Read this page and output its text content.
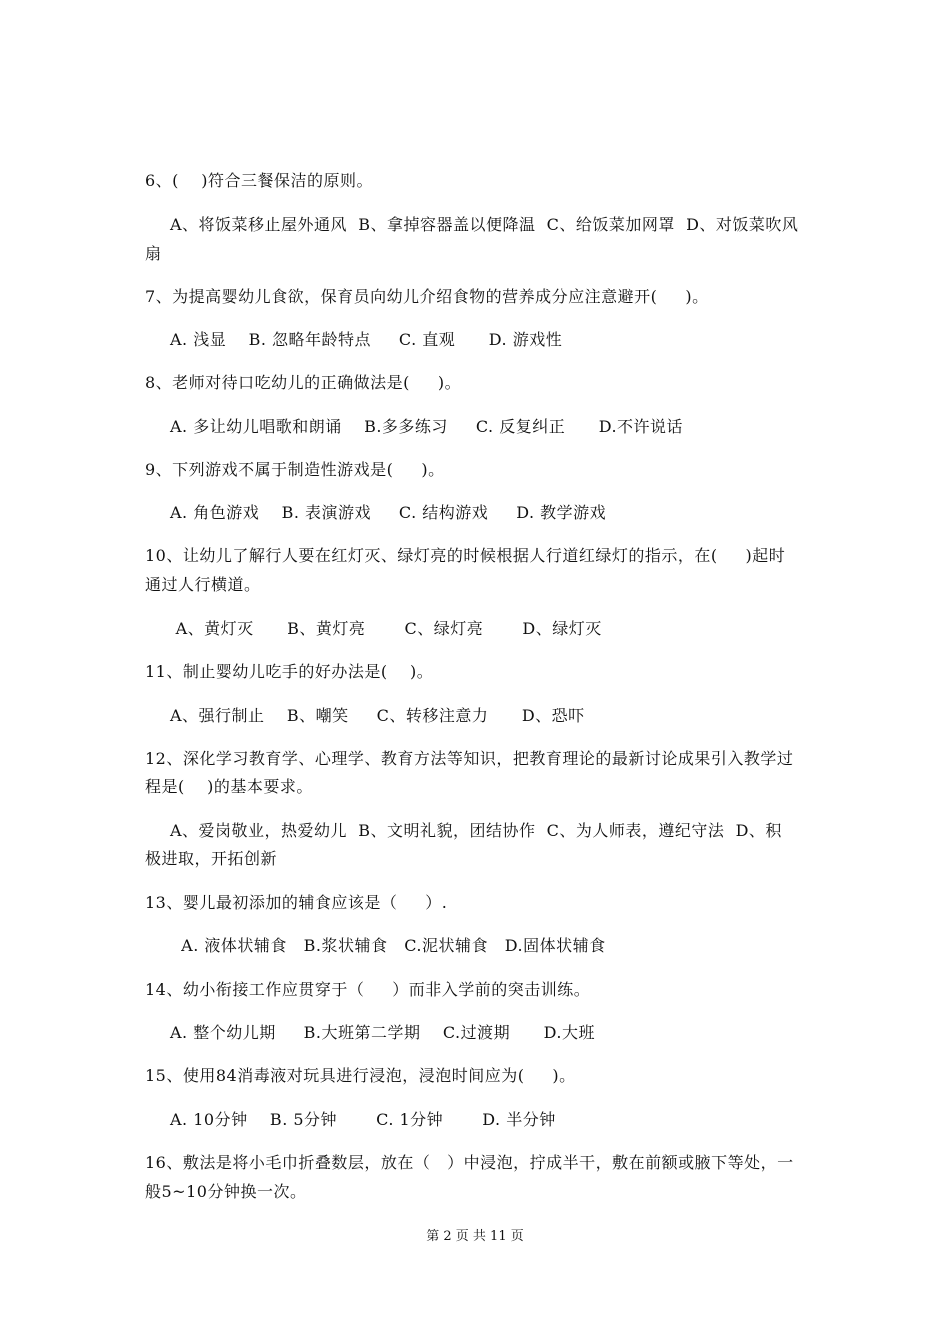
6、(    )符合三餐保洁的原则。
A、将饭菜移止屋外通风  B、拿掉容器盖以便降温  C、给饭菜加网罩  D、对饭菜吹风
扇
7、为提高婴幼儿食欲，保育员向幼儿介绍食物的营养成分应注意避开(     )。
A. 浅显    B. 忽略年龄特点     C. 直观      D. 游戏性
8、老师对待口吃幼儿的正确做法是(     )。
A. 多让幼儿唱歌和朗诵    B.多多练习     C. 反复纠正      D.不许说话
9、下列游戏不属于制造性游戏是(     )。
A. 角色游戏    B. 表演游戏     C. 结构游戏     D. 教学游戏
10、让幼儿了解行人要在红灯灭、绿灯亮的时候根据人行道红绿灯的指示，在(     )起时
通过人行横道。
A、黄灯灭      B、黄灯亮       C、绿灯亮       D、绿灯灭
11、制止婴幼儿吃手的好办法是(    )。
A、强行制止    B、嘲笑     C、转移注意力      D、恐吓
12、深化学习教育学、心理学、教育方法等知识，把教育理论的最新讨论成果引入教学过
程是(    )的基本要求。
A、爱岗敬业，热爱幼儿  B、文明礼貌，团结协作  C、为人师表，遵纪守法  D、积
极进取，开拓创新
13、婴儿最初添加的辅食应该是（     ）.
A. 液体状辅食   B.浆状辅食   C.泥状辅食   D.固体状辅食
14、幼小衔接工作应贯穿于（     ）而非入学前的突击训练。
A. 整个幼儿期     B.大班第二学期    C.过渡期      D.大班
15、使用84消毒液对玩具进行浸泡，浸泡时间应为(     )。
A. 10分钟    B. 5分钟       C. 1分钟       D. 半分钟
16、敷法是将小毛巾折叠数层，放在（   ）中浸泡，拧成半干，敷在前额或腋下等处，一
般5~10分钟换一次。
第 2 页 共 11 页
